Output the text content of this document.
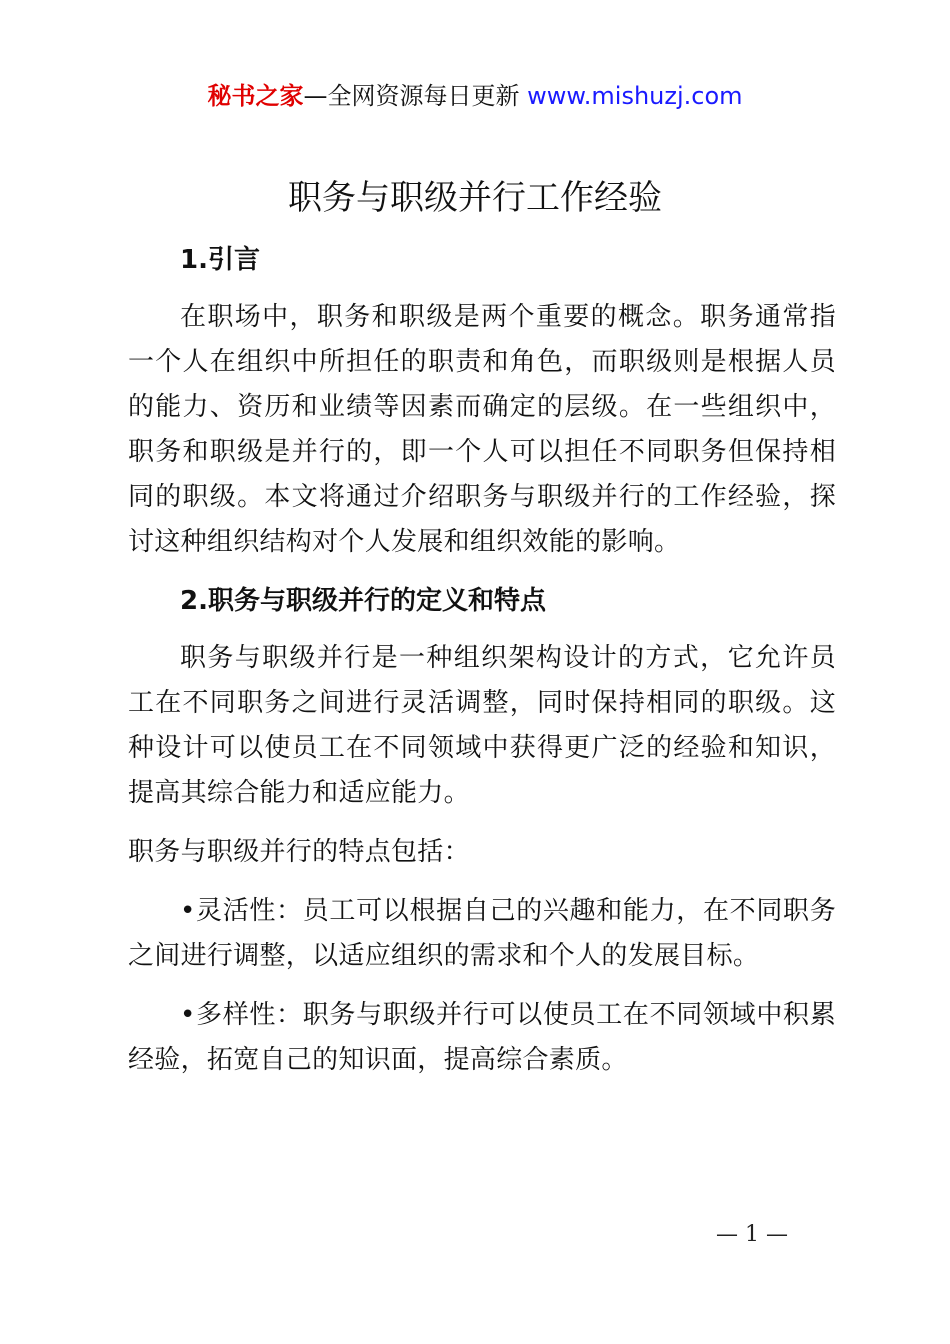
秘书之家—全网资源每日更新 www.mishuzj.com
职务与职级并行工作经验

1.引言

在职场中，职务和职级是两个重要的概念。职务通常指一个人在组织中所担任的职责和角色，而职级则是根据人员的能力、资历和业绩等因素而确定的层级。在一些组织中，职务和职级是并行的，即一个人可以担任不同职务但保持相同的职级。本文将通过介绍职务与职级并行的工作经验，探讨这种组织结构对个人发展和组织效能的影响。

2.职务与职级并行的定义和特点

职务与职级并行是一种组织架构设计的方式，它允许员工在不同职务之间进行灵活调整，同时保持相同的职级。这种设计可以使员工在不同领域中获得更广泛的经验和知识，提高其综合能力和适应能力。

职务与职级并行的特点包括：

•灵活性：员工可以根据自己的兴趣和能力，在不同职务之间进行调整，以适应组织的需求和个人的发展目标。

•多样性：职务与职级并行可以使员工在不同领域中积累经验，拓宽自己的知识面，提高综合素质。

— 1 —
